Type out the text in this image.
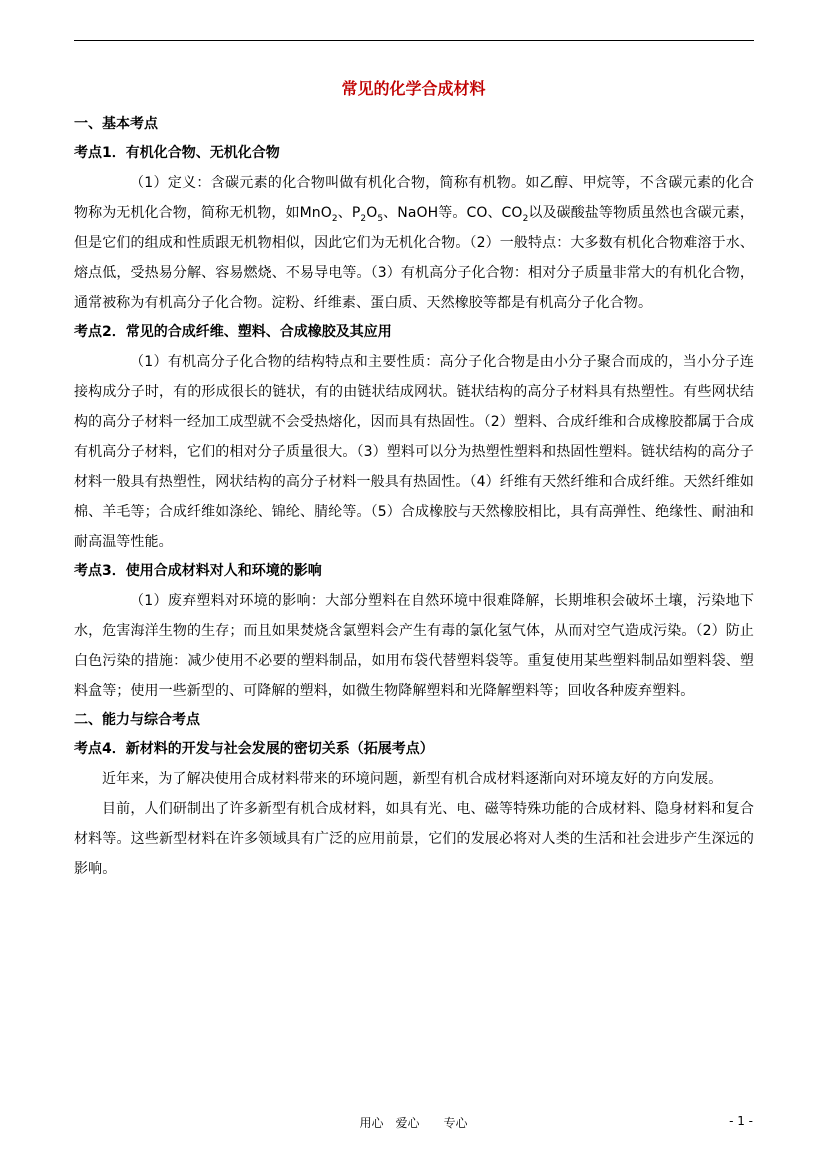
常见的化学合成材料

一、基本考点

考点1．有机化合物、无机化合物

（1）定义：含碳元素的化合物叫做有机化合物，简称有机物。如乙醇、甲烷等，不含碳元素的化合物称为无机化合物，简称无机物，如MnO$_2$、$P_2O_5$、NaOH等。CO、$CO_2$以及碳酸盐等物质虽然也含碳元素，但是它们的组成和性质跟无机物相似，因此它们为无机化合物。（2）一般特点：大多数有机化合物难溶于水、熔点低，受热易分解、容易燃烧、不易导电等。（3）有机高分子化合物：相对分子质量非常大的有机化合物，通常被称为有机高分子化合物。淀粉、纤维素、蛋白质、天然橡胶等都是有机高分子化合物。

考点2．常见的合成纤维、塑料、合成橡胶及其应用

（1）有机高分子化合物的结构特点和主要性质：高分子化合物是由小分子聚合而成的，当小分子连接构成分子时，有的形成很长的链状，有的由链状结成网状。链状结构的高分子材料具有热塑性。有些网状结构的高分子材料一经加工成型就不会受热熔化，因而具有热固性。（2）塑料、合成纤维和合成橡胶都属于合成有机高分子材料，它们的相对分子质量很大。（3）塑料可以分为热塑性塑料和热固性塑料。链状结构的高分子材料一般具有热塑性，网状结构的高分子材料一般具有热固性。（4）纤维有天然纤维和合成纤维。天然纤维如棉、羊毛等；合成纤维如涤纶、锦纶、腈纶等。（5）合成橡胶与天然橡胶相比，具有高弹性、绝缘性、耐油和耐高温等性能。

考点3．使用合成材料对人和环境的影响

（1）废弃塑料对环境的影响：大部分塑料在自然环境中很难降解，长期堆积会破坏土壤，污染地下水，危害海洋生物的生存；而且如果焚烧含氯塑料会产生有毒的氯化氢气体，从而对空气造成污染。（2）防止白色污染的措施：减少使用不必要的塑料制品，如用布袋代替塑料袋等。重复使用某些塑料制品如塑料袋、塑料盒等；使用一些新型的、可降解的塑料，如微生物降解塑料和光降解塑料等；回收各种废弃塑料。

二、能力与综合考点

考点4．新材料的开发与社会发展的密切关系（拓展考点）

近年来，为了解决使用合成材料带来的环境问题，新型有机合成材料逐渐向对环境友好的方向发展。

目前，人们研制出了许多新型有机合成材料，如具有光、电、磁等特殊功能的合成材料、隐身材料和复合材料等。这些新型材料在许多领域具有广泛的应用前景，它们的发展必将对人类的生活和社会进步产生深远的影响。

用心　爱心　　专心	- 1 -
